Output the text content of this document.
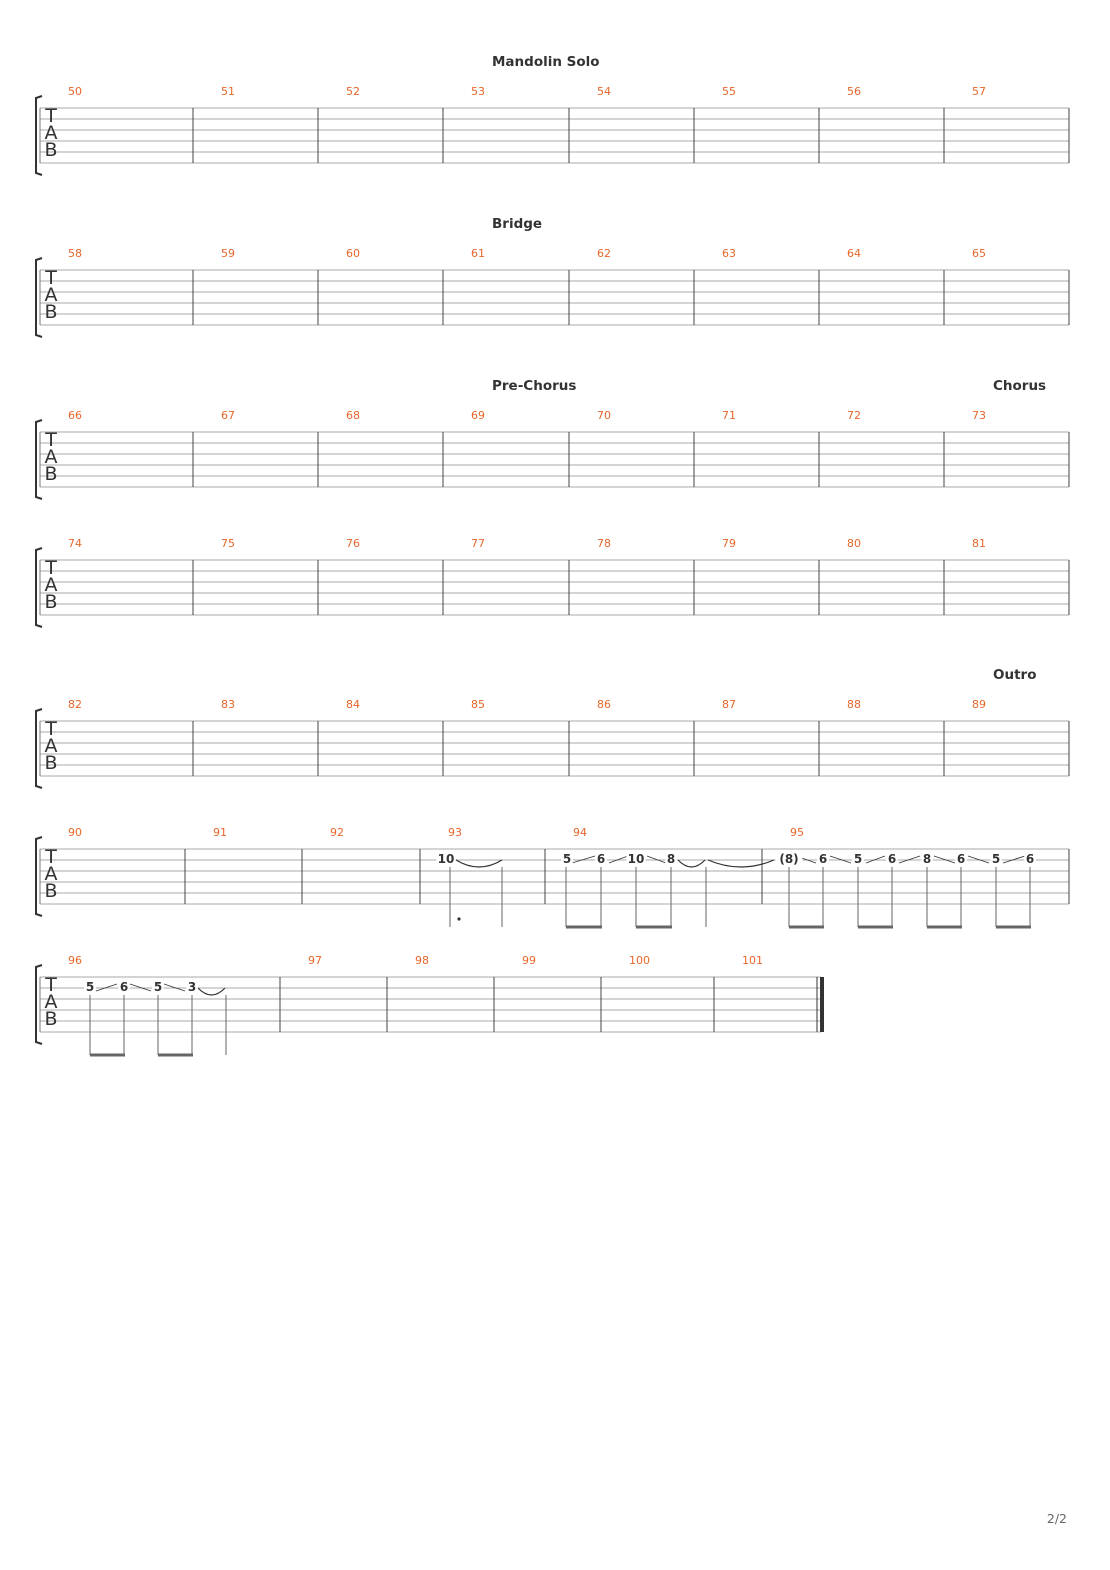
T
A
B
50	51	52	53	54	55	56	57
Mandolin Solo
T
A
B
58	59	60	61	62	63	64	65
Bridge
T
A
B
66	67	68	69	70	71	72	73
Pre-Chorus	Chorus
T
A
B
74	75	76	77	78	79	80	81
T
A
B
82	83	84	85	86	87	88	89
Outro
T
A
B
90	91	92	93	94	95
T
A
B
96	97	98	99	100	101
10	5 6 10 8	(8) 6 5 6 8 6 5 6
5 6 5 3
2/2
